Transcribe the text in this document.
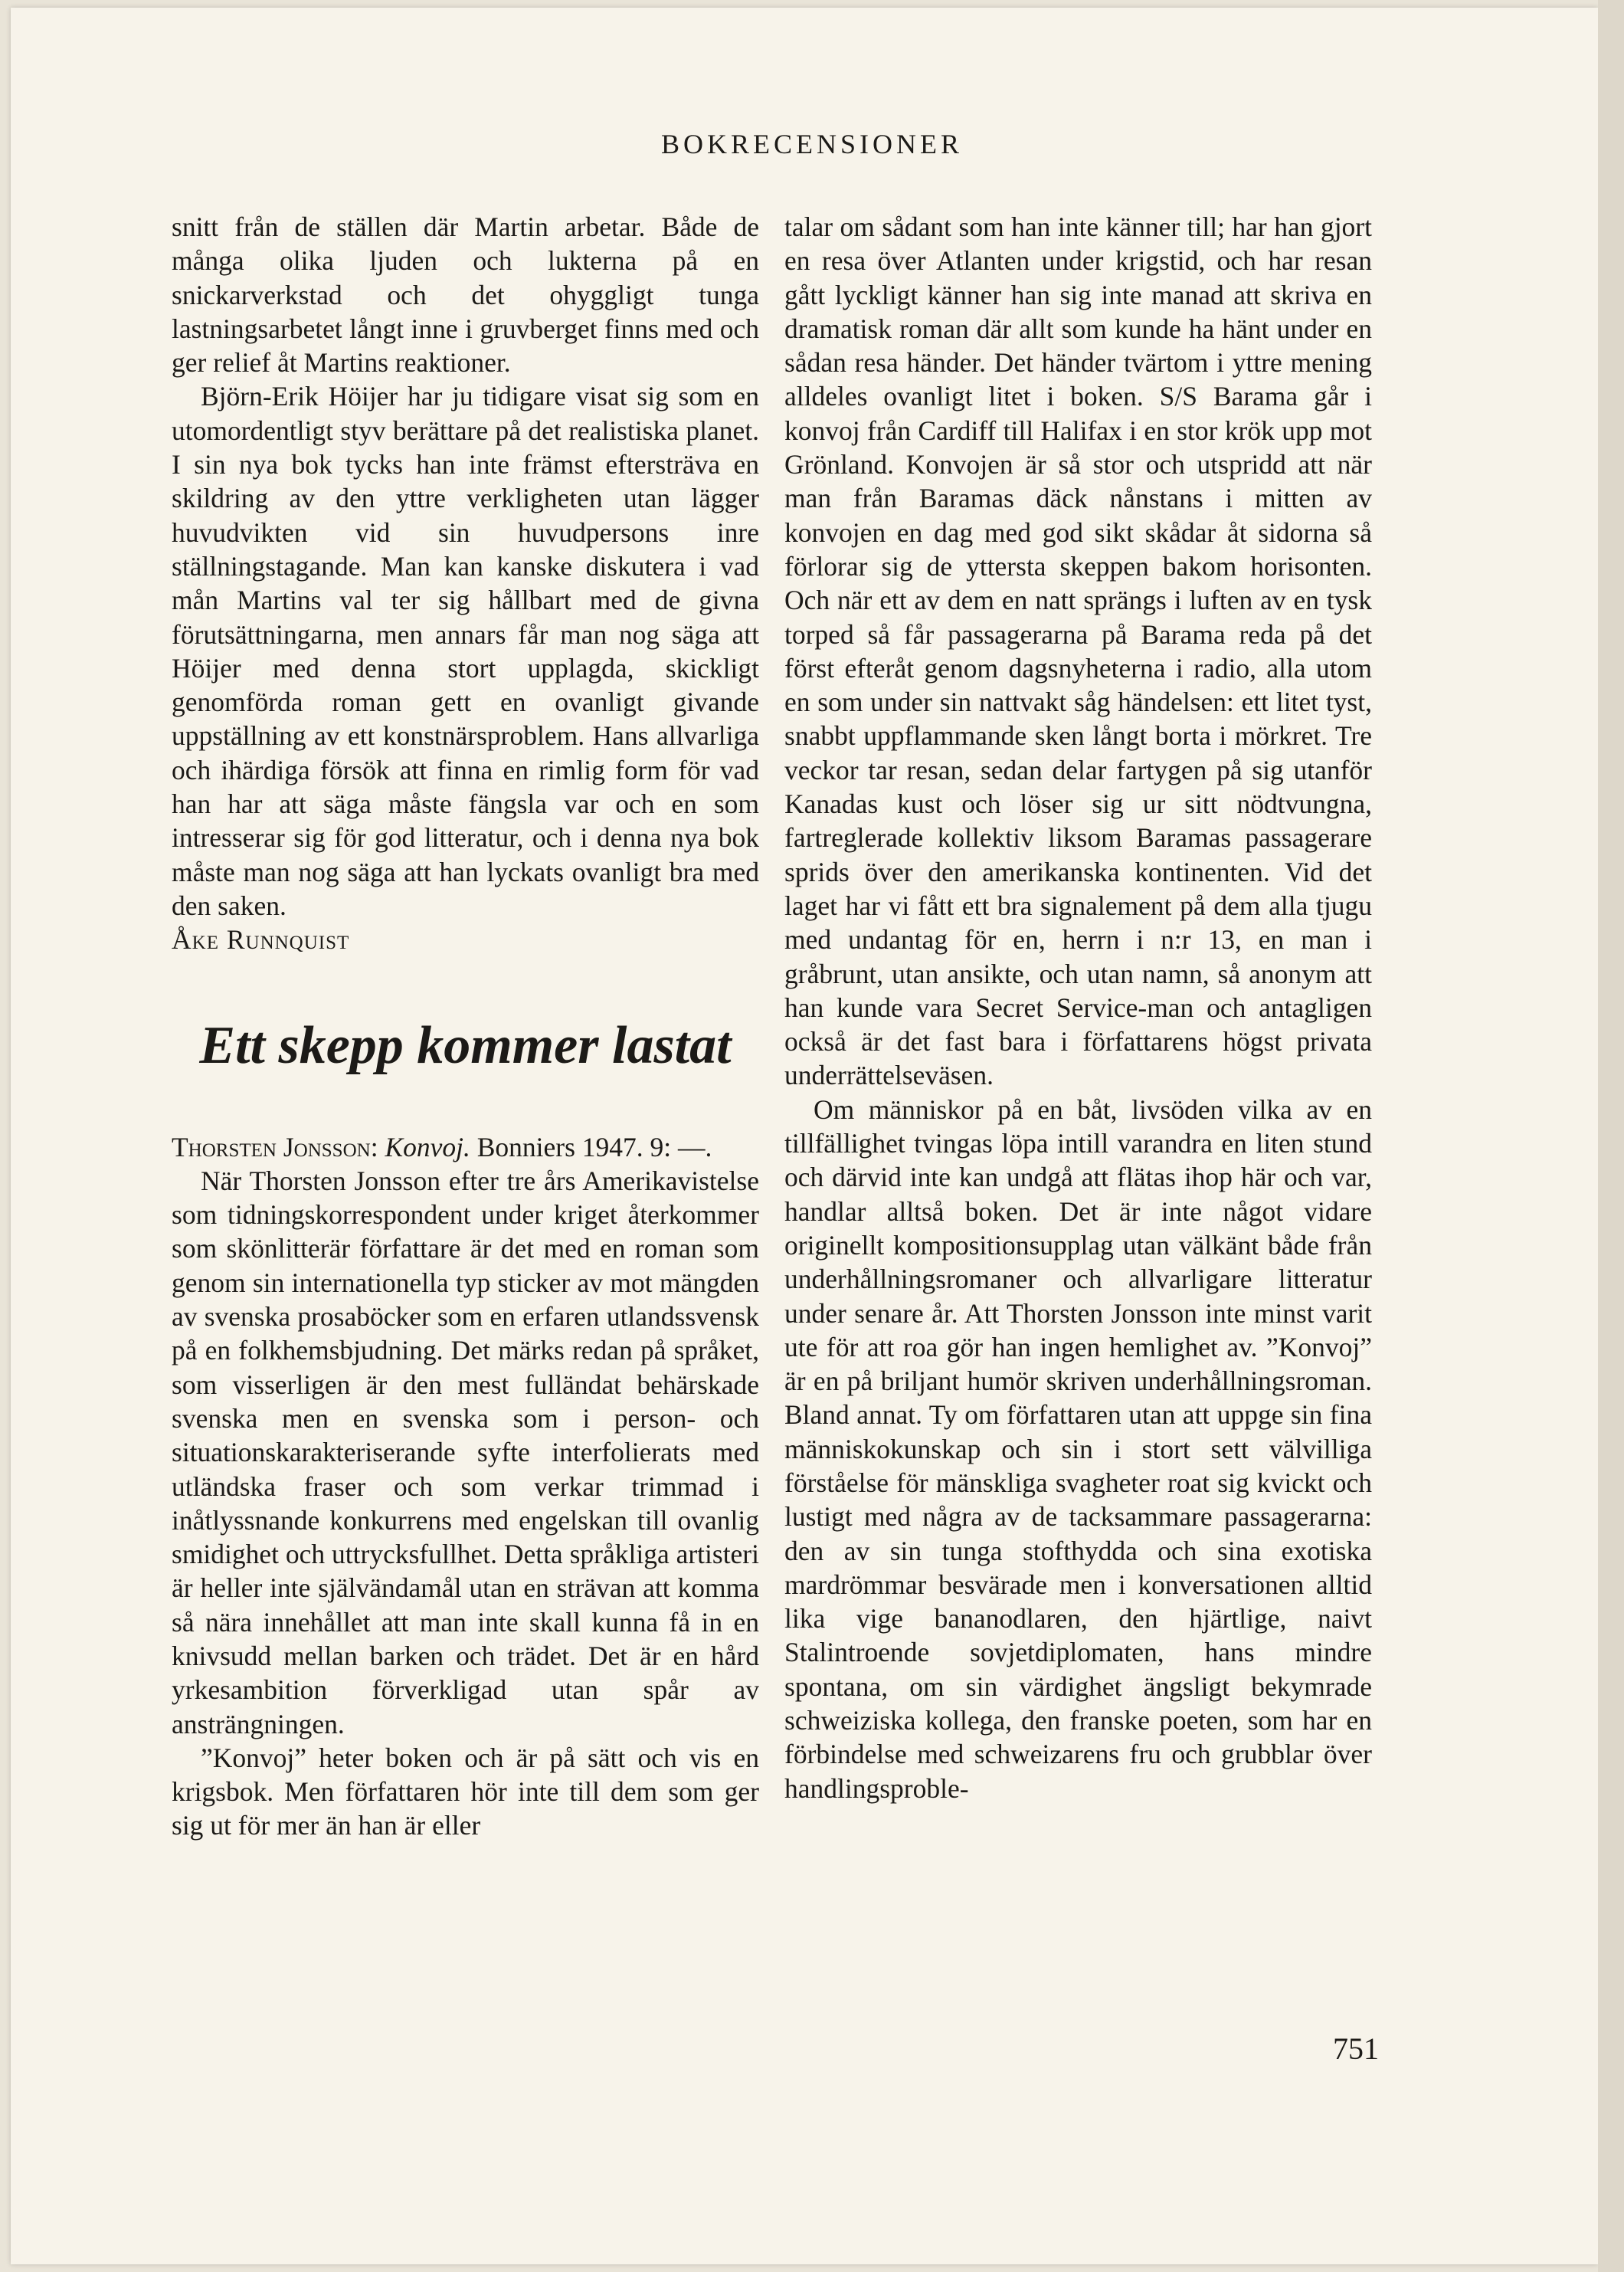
BOKRECENSIONER

snitt från de ställen där Martin arbetar. Både de många olika ljuden och lukterna på en snickarverkstad och det ohyggligt tunga lastningsarbetet långt inne i gruvberget finns med och ger relief åt Martins reaktioner.

Björn-Erik Höijer har ju tidigare visat sig som en utomordentligt styv berättare på det realistiska planet. I sin nya bok tycks han inte främst eftersträva en skildring av den yttre verkligheten utan lägger huvudvikten vid sin huvudpersons inre ställningstagande. Man kan kanske diskutera i vad mån Martins val ter sig hållbart med de givna förutsättningarna, men annars får man nog säga att Höijer med denna stort upplagda, skickligt genomförda roman gett en ovanligt givande uppställning av ett konstnärsproblem. Hans allvarliga och ihärdiga försök att finna en rimlig form för vad han har att säga måste fängsla var och en som intresserar sig för god litteratur, och i denna nya bok måste man nog säga att han lyckats ovanligt bra med den saken.

Åke Runnquist

Ett skepp kommer lastat

Thorsten Jonsson: Konvoj. Bonniers 1947. 9: —.

När Thorsten Jonsson efter tre års Amerikavistelse som tidningskorrespondent under kriget återkommer som skönlitterär författare är det med en roman som genom sin internationella typ sticker av mot mängden av svenska prosaböcker som en erfaren utlandssvensk på en folkhemsbjudning. Det märks redan på språket, som visserligen är den mest fulländat behärskade svenska men en svenska som i person- och situationskarakteriserande syfte interfolierats med utländska fraser och som verkar trimmad i inåtlyssnande konkurrens med engelskan till ovanlig smidighet och uttrycksfullhet. Detta språkliga artisteri är heller inte självändamål utan en strävan att komma så nära innehållet att man inte skall kunna få in en knivsudd mellan barken och trädet. Det är en hård yrkesambition förverkligad utan spår av ansträngningen.

”Konvoj” heter boken och är på sätt och vis en krigsbok. Men författaren hör inte till dem som ger sig ut för mer än han är eller

talar om sådant som han inte känner till; har han gjort en resa över Atlanten under krigstid, och har resan gått lyckligt känner han sig inte manad att skriva en dramatisk roman där allt som kunde ha hänt under en sådan resa händer. Det händer tvärtom i yttre mening alldeles ovanligt litet i boken. S/S Barama går i konvoj från Cardiff till Halifax i en stor krök upp mot Grönland. Konvojen är så stor och utspridd att när man från Baramas däck nånstans i mitten av konvojen en dag med god sikt skådar åt sidorna så förlorar sig de yttersta skeppen bakom horisonten. Och när ett av dem en natt sprängs i luften av en tysk torped så får passagerarna på Barama reda på det först efteråt genom dagsnyheterna i radio, alla utom en som under sin nattvakt såg händelsen: ett litet tyst, snabbt uppflammande sken långt borta i mörkret. Tre veckor tar resan, sedan delar fartygen på sig utanför Kanadas kust och löser sig ur sitt nödtvungna, fartreglerade kollektiv liksom Baramas passagerare sprids över den amerikanska kontinenten. Vid det laget har vi fått ett bra signalement på dem alla tjugu med undantag för en, herrn i n:r 13, en man i gråbrunt, utan ansikte, och utan namn, så anonym att han kunde vara Secret Service-man och antagligen också är det fast bara i författarens högst privata underrättelseväsen.

Om människor på en båt, livsöden vilka av en tillfällighet tvingas löpa intill varandra en liten stund och därvid inte kan undgå att flätas ihop här och var, handlar alltså boken. Det är inte något vidare originellt kompositionsupplag utan välkänt både från underhållningsromaner och allvarligare litteratur under senare år. Att Thorsten Jonsson inte minst varit ute för att roa gör han ingen hemlighet av. ”Konvoj” är en på briljant humör skriven underhållningsroman. Bland annat. Ty om författaren utan att uppge sin fina människokunskap och sin i stort sett välvilliga förståelse för mänskliga svagheter roat sig kvickt och lustigt med några av de tacksammare passagerarna: den av sin tunga stofthydda och sina exotiska mardrömmar besvärade men i konversationen alltid lika vige bananodlaren, den hjärtlige, naivt Stalintroende sovjetdiplomaten, hans mindre spontana, om sin värdighet ängsligt bekymrade schweiziska kollega, den franske poeten, som har en förbindelse med schweizarens fru och grubblar över handlingsproble-

751
